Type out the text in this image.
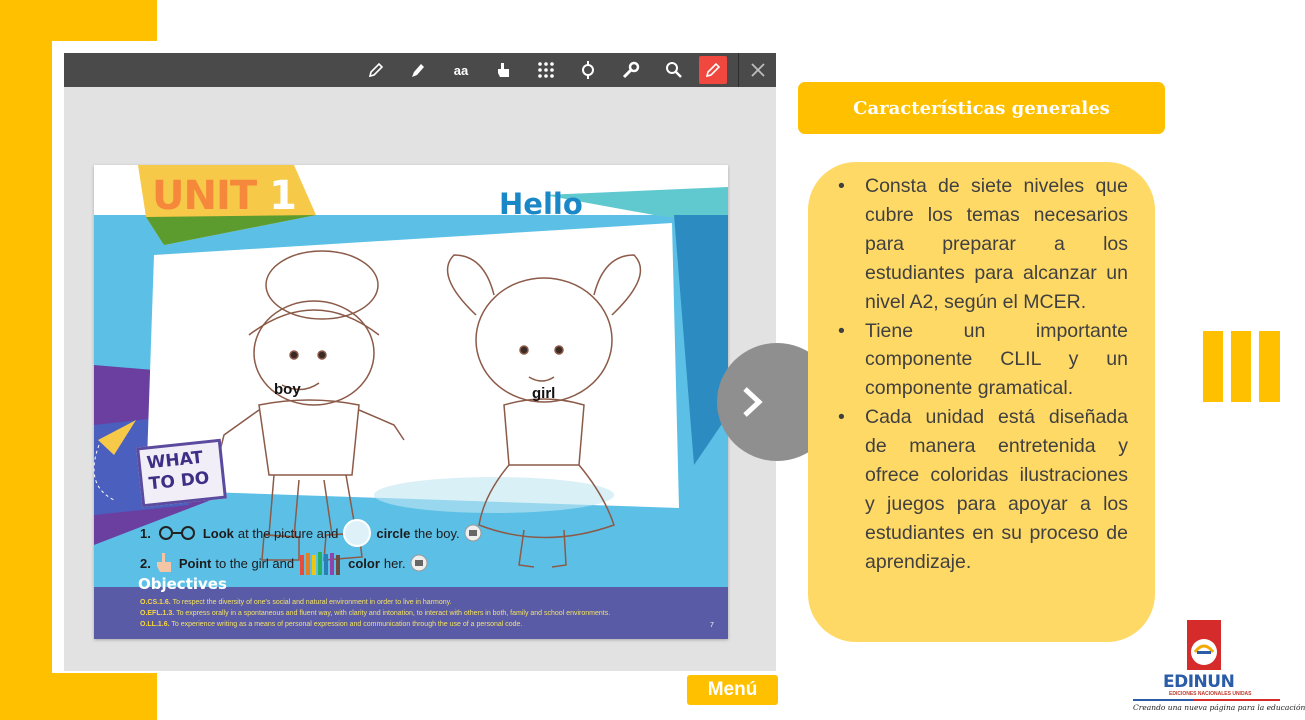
aa
UNIT 1	Hello
boy	girl
WHAT
TO DO
1.	Look at the picture and	circle the boy.
2. Point to the girl and	color her.
Objectives
O.CS.1.6. To respect the diversity of one's social and natural environment in order to live in harmony.
O.EFL.1.3. To express orally in a spontaneous and fluent way, with clarity and intonation, to interact with others in both, family and school environments.
O.LL.1.6. To experience writing as a means of personal expression and communication through the use of a personal code.	7
Características generales
• Consta de siete niveles que cubre los temas necesarios para preparar a los estudiantes para alcanzar un nivel A2, según el MCER.
• Tiene un importante componente CLIL y un componente gramatical.
• Cada unidad está diseñada de manera entretenida y ofrece coloridas ilustraciones y juegos para apoyar a los estudiantes en su proceso de aprendizaje.
Menú	EDINUN
EDICIONES NACIONALES UNIDAS
Creando una nueva página para la educación
